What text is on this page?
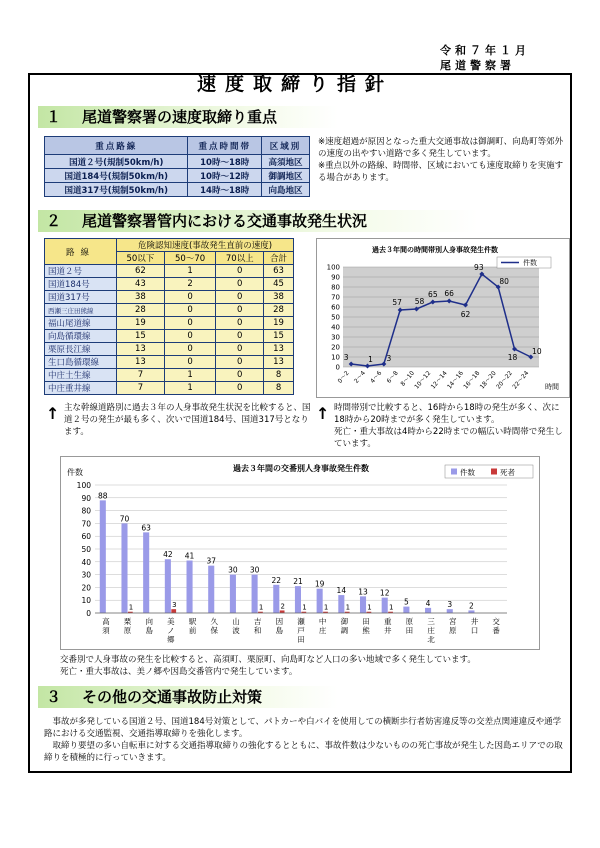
令和７年１月
尾道警察署
速度取締り指針
１ 尾道警察署の速度取締り重点
重点路線	重点時間帯	区域別
国道２号(規制50km/h)	10時～18時	高須地区
国道184号(規制50km/h)	10時～12時	御調地区
国道317号(規制50km/h)	14時～18時	向島地区

※速度超過が原因となった重大交通事故は御調町、向島町等郊外の速度の出やすい道路で多く発生しています。

※重点以外の路線、時間帯、区域においても速度取締りを実施する場合があります。

２ 尾道警察署管内における交通事故発生状況
路線	危険認知速度(事故発生直前の速度)			
	50以下	50～70	70以上	合計
国道２号	62	1	0	63
国道184号	43	2	0	45
国道317号	38	0	0	38
西瀬三庄田熊線	28	0	0	28
福山尾道線	19	0	0	19
向島循環線	15	0	0	15
栗原長江線	13	0	0	13
生口島循環線	13	0	0	13
中庄土生線	7	1	0	8
中庄重井線	7	1	0	8
過去３年間の時間帯別人身事故発生件数
0
10
20
30
40
50
60
70
80
90
100
0～2 2～4 4～6 6～8 8～10
10～12
12～14
14～16
16～18
18～20
20～22
22～24 時間
3	1 3
57 58
65 66
62
93
80
18
10
件数
↑ 主な幹線道路別に過去３年の人身事故発生状況を比較すると、国道２号の発生が最も多く、次いで国道184号、国道317号となります。
↑ 時間帯別で比較すると、16時から18時の発生が多く、次に18時から20時までが多く発生しています。

死亡・重大事故は4時から22時までの幅広い時間帯で発生しています。

過去３年間の交番別人身事故発生件数
件数
0
10
20
30
40
50
60
70
80
90
100
88
高
須
70
1
栗
原
63
向
島
42
3
美
ノ
郷
41
駅
前
37
久
保
30
山
波
30
1
吉
和
22
2
因
島
21
1
瀬
戸
田
19
1
中
庄
14
1
御
調
13
1
田
熊
12
1
重
井
5
原
田
4
三
庄
北
3
宮
原
2
井
口
交
番
件数	死者

交番別で人身事故の発生を比較すると、高須町、栗原町、向島町など人口の多い地域で多く発生しています。

死亡・重大事故は、美ノ郷や因島交番管内で発生しています。

３ その他の交通事故防止対策

事故が多発している国道２号、国道184号対策として、パトカーや白バイを使用しての横断歩行者妨害違反等の交差点関連違反や通学路における交通監視、交通指導取締りを強化します。

取締り要望の多い自転車に対する交通指導取締りの強化するとともに、事故件数は少ないものの死亡事故が発生した因島エリアでの取締りを積極的に行っていきます。
